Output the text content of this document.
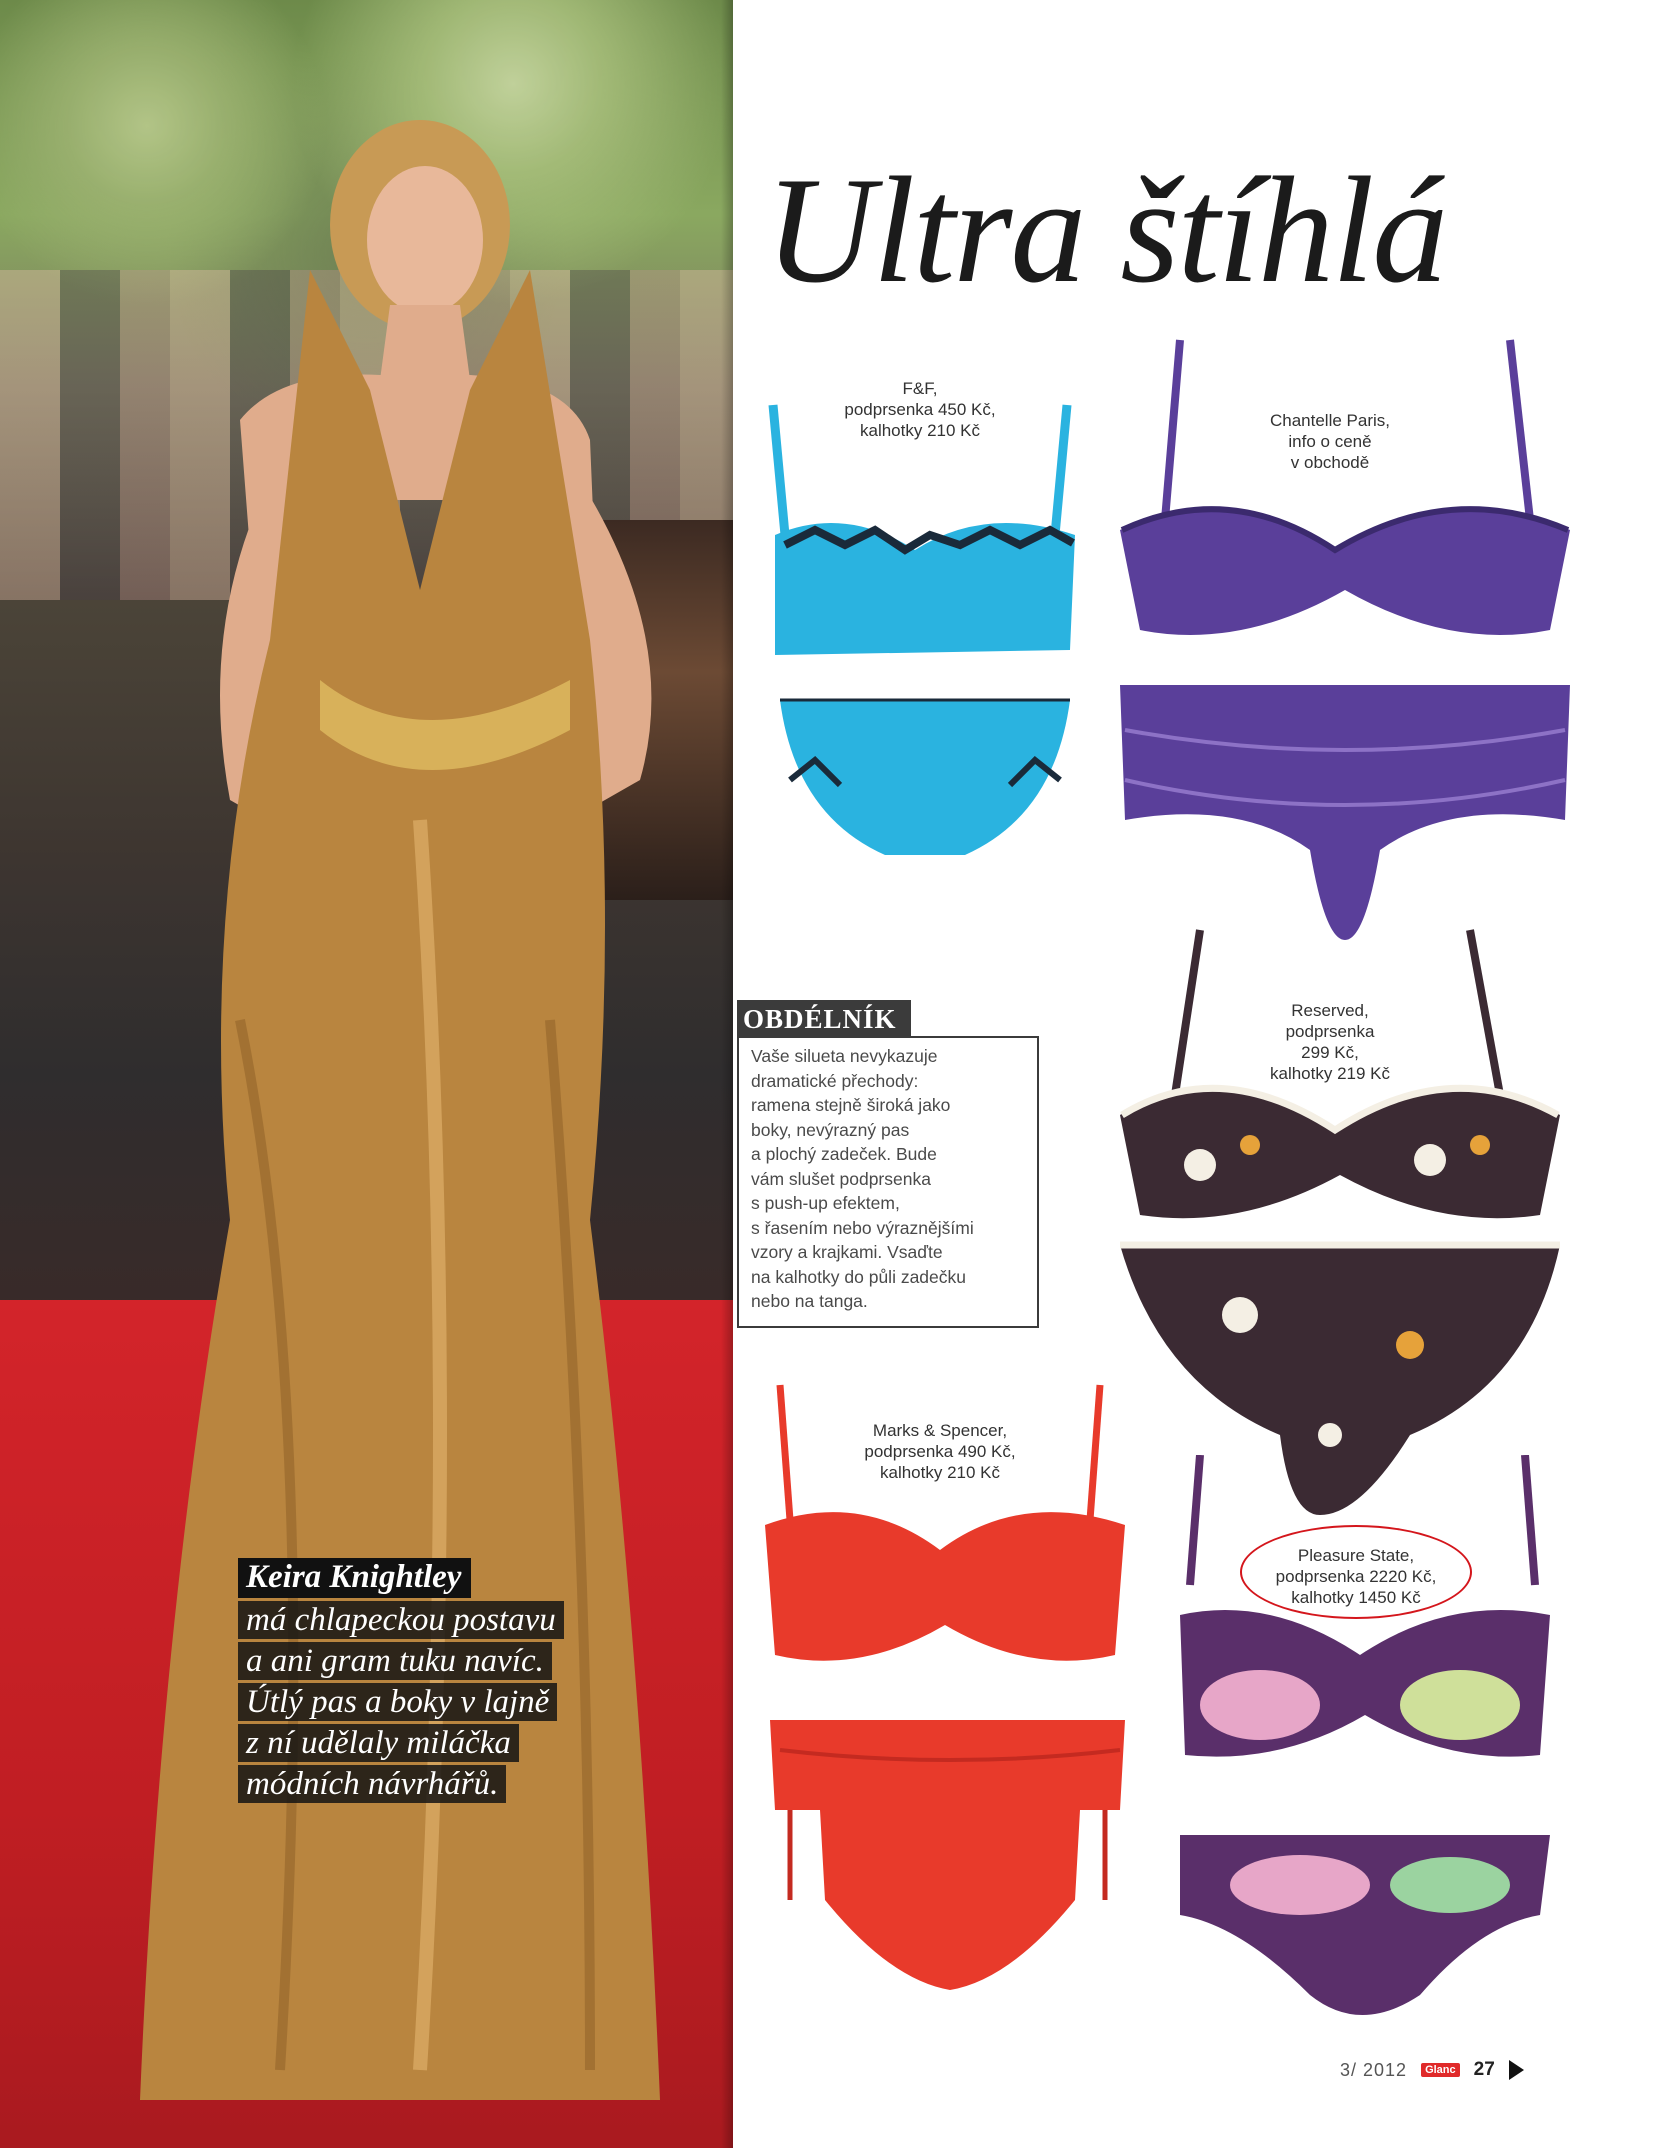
Keira Knightley
má chlapeckou postavu
a ani gram tuku navíc.
Útlý pas a boky v lajně
z ní udělaly miláčka
módních návrhářů.
Ultra štíhlá
F&F,
podprsenka 450 Kč,
kalhotky 210 Kč
Chantelle Paris,
info o ceně
v obchodě
Reserved,
podprsenka
299 Kč,
kalhotky 219 Kč
OBDÉLNÍK
Vaše silueta nevykazuje
dramatické přechody:
ramena stejně široká jako
boky, nevýrazný pas
a plochý zadeček. Bude
vám slušet podprsenka
s push-up efektem,
s řasením nebo výraznějšími
vzory a krajkami. Vsaďte
na kalhotky do půli zadečku
nebo na tanga.
Marks & Spencer,
podprsenka 490 Kč,
kalhotky 210 Kč
Pleasure State,
podprsenka 2220 Kč,
kalhotky 1450 Kč
3/ 2012	Glanc 27
